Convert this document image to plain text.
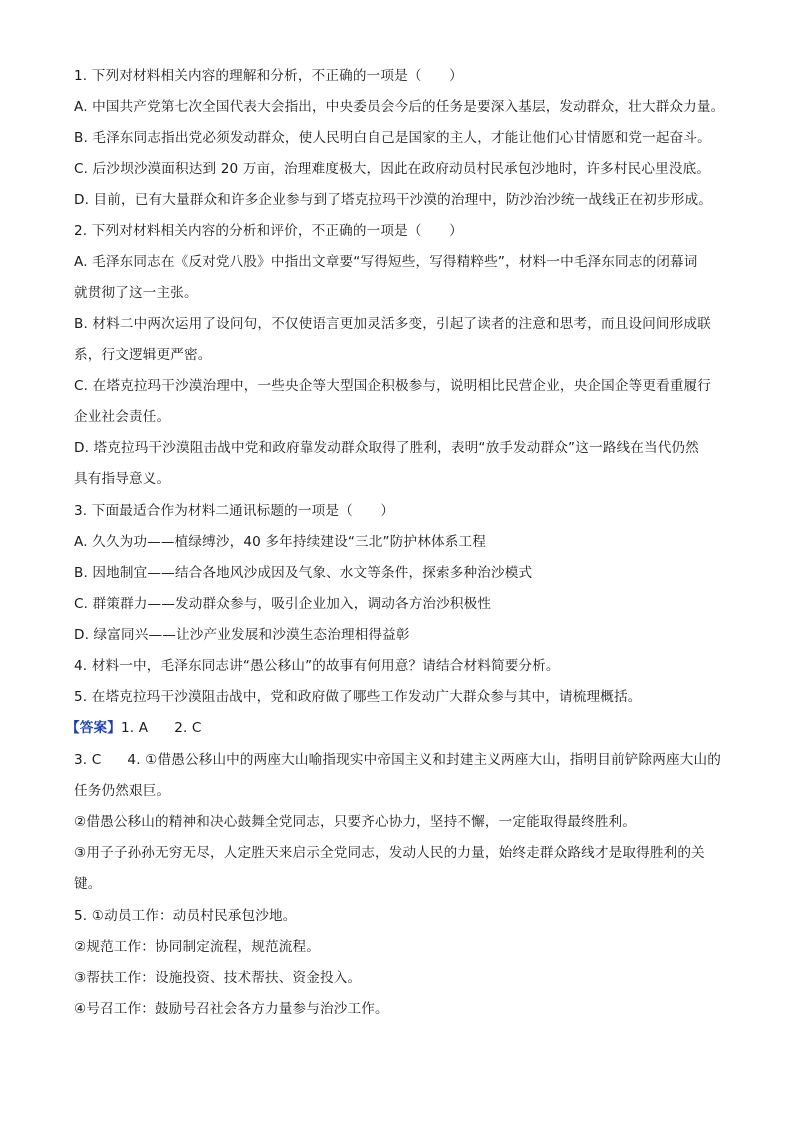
1. 下列对材料相关内容的理解和分析，不正确的一项是（　　）
A. 中国共产党第七次全国代表大会指出，中央委员会今后的任务是要深入基层，发动群众，壮大群众力量。
B. 毛泽东同志指出党必须发动群众，使人民明白自己是国家的主人，才能让他们心甘情愿和党一起奋斗。
C. 后沙坝沙漠面积达到 20 万亩，治理难度极大，因此在政府动员村民承包沙地时，许多村民心里没底。
D. 目前，已有大量群众和许多企业参与到了塔克拉玛干沙漠的治理中，防沙治沙统一战线正在初步形成。
2. 下列对材料相关内容的分析和评价，不正确的一项是（　　）
A. 毛泽东同志在《反对党八股》中指出文章要“写得短些，写得精粹些”，材料一中毛泽东同志的闭幕词
就贯彻了这一主张。
B. 材料二中两次运用了设问句，不仅使语言更加灵活多变，引起了读者的注意和思考，而且设问间形成联
系，行文逻辑更严密。
C. 在塔克拉玛干沙漠治理中，一些央企等大型国企积极参与，说明相比民营企业，央企国企等更看重履行
企业社会责任。
D. 塔克拉玛干沙漠阻击战中党和政府靠发动群众取得了胜利，表明“放手发动群众”这一路线在当代仍然
具有指导意义。
3. 下面最适合作为材料二通讯标题的一项是（　　）
A. 久久为功——植绿缚沙，40 多年持续建设“三北”防护林体系工程
B. 因地制宜——结合各地风沙成因及气象、水文等条件，探索多种治沙模式
C. 群策群力——发动群众参与，吸引企业加入，调动各方治沙积极性
D. 绿富同兴——让沙产业发展和沙漠生态治理相得益彰
4. 材料一中，毛泽东同志讲“愚公移山”的故事有何用意？请结合材料简要分析。
5. 在塔克拉玛干沙漠阻击战中，党和政府做了哪些工作发动广大群众参与其中，请梳理概括。
【答案】1. A 2. C
3. C 4. ①借愚公移山中的两座大山喻指现实中帝国主义和封建主义两座大山，指明目前铲除两座大山的
任务仍然艰巨。
②借愚公移山的精神和决心鼓舞全党同志，只要齐心协力，坚持不懈，一定能取得最终胜利。
③用子子孙孙无穷无尽，人定胜天来启示全党同志，发动人民的力量，始终走群众路线才是取得胜利的关
键。
5. ①动员工作：动员村民承包沙地。
②规范工作：协同制定流程，规范流程。
③帮扶工作：设施投资、技术帮扶、资金投入。
④号召工作：鼓励号召社会各方力量参与治沙工作。
